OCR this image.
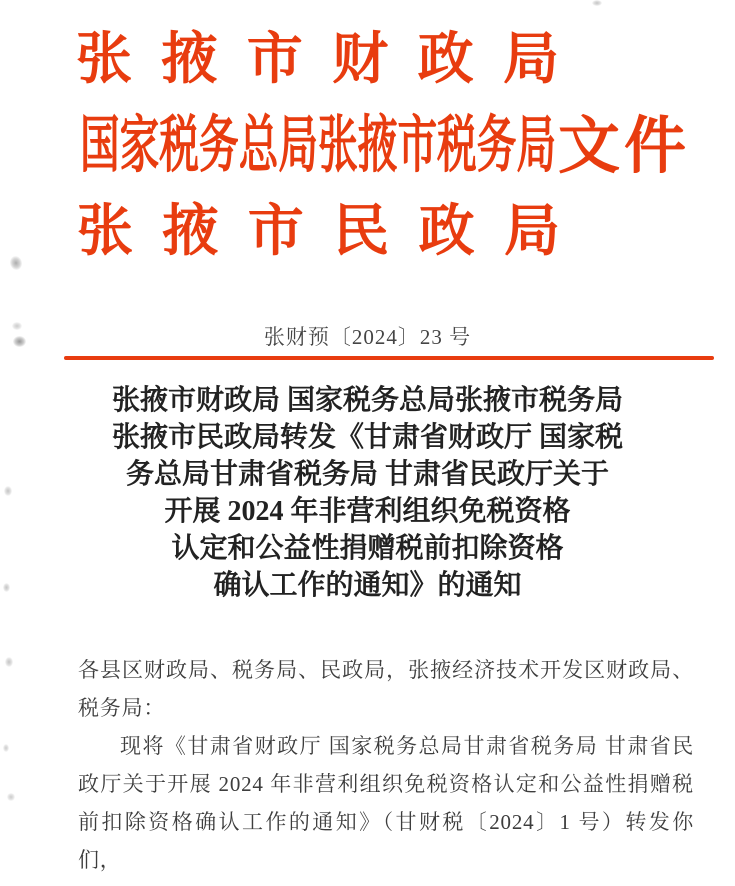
张 掖 市 财 政 局
国家税务总局张掖市税务局 文件
张 掖 市 民 政 局
张财预〔2024〕23 号
张掖市财政局 国家税务总局张掖市税务局
张掖市民政局转发《甘肃省财政厅 国家税
务总局甘肃省税务局 甘肃省民政厅关于
开展 2024 年非营利组织免税资格
认定和公益性捐赠税前扣除资格
确认工作的通知》的通知

各县区财政局、税务局、民政局，张掖经济技术开发区财政局、税务局：

现将《甘肃省财政厅 国家税务总局甘肃省税务局 甘肃省民政厅关于开展 2024 年非营利组织免税资格认定和公益性捐赠税前扣除资格确认工作的通知》（甘财税〔2024〕1 号）转发你们，
